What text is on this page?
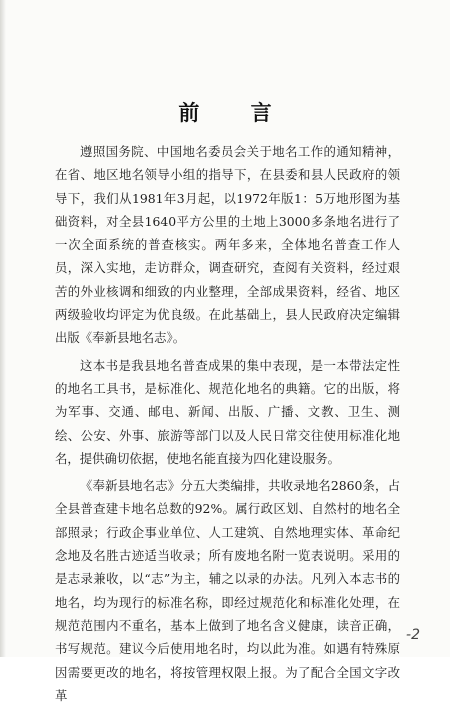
前 言

遵照国务院、中国地名委员会关于地名工作的通知精神，在省、地区地名领导小组的指导下，在县委和县人民政府的领导下，我们从1981年3月起，以1972年版1：5万地形图为基础资料，对全县1640平方公里的土地上3000多条地名进行了一次全面系统的普查核实。两年多来，全体地名普查工作人员，深入实地，走访群众，调查研究，查阅有关资料，经过艰苦的外业核调和细致的内业整理，全部成果资料，经省、地区两级验收均评定为优良级。在此基础上，县人民政府决定编辑出版《奉新县地名志》。

这本书是我县地名普查成果的集中表现，是一本带法定性的地名工具书，是标准化、规范化地名的典籍。它的出版，将为军事、交通、邮电、新闻、出版、广播、文教、卫生、测绘、公安、外事、旅游等部门以及人民日常交往使用标准化地名，提供确切依据，使地名能直接为四化建设服务。

《奉新县地名志》分五大类编排，共收录地名2860条，占全县普查建卡地名总数的92%。属行政区划、自然村的地名全部照录；行政企事业单位、人工建筑、自然地理实体、革命纪念地及名胜古迹适当收录；所有废地名附一览表说明。采用的是志录兼收，以“志”为主，辅之以录的办法。凡列入本志书的地名，均为现行的标准名称，即经过规范化和标准化处理，在规范范围内不重名，基本上做到了地名含义健康，读音正确，书写规范。建议今后使用地名时，均以此为准。如遇有特殊原因需要更改的地名，将按管理权限上报。为了配合全国文字改革

-2
